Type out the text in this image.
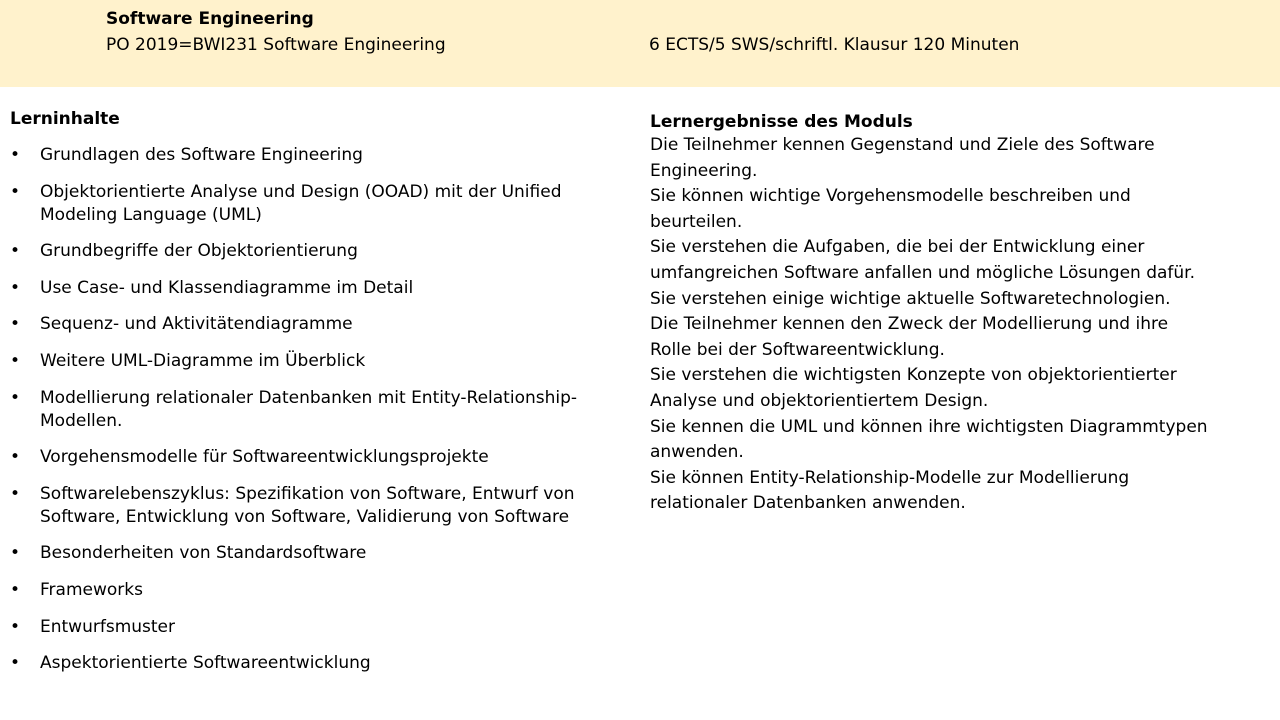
Software Engineering
PO 2019=BWI231 Software Engineering	6 ECTS/5 SWS/schriftl. Klausur 120 Minuten
Lerninhalte
• Grundlagen des Software Engineering
• Objektorientierte Analyse und Design (OOAD) mit der Unified Modeling Language (UML)
• Grundbegriffe der Objektorientierung
• Use Case- und Klassendiagramme im Detail
• Sequenz- und Aktivitätendiagramme
• Weitere UML-Diagramme im Überblick
• Modellierung relationaler Datenbanken mit Entity-Relationship-Modellen.
• Vorgehensmodelle für Softwareentwicklungsprojekte
• Softwarelebenszyklus: Spezifikation von Software, Entwurf von Software, Entwicklung von Software, Validierung von Software
• Besonderheiten von Standardsoftware
• Frameworks
• Entwurfsmuster
• Aspektorientierte Softwareentwicklung
Lernergebnisse des Moduls

Die Teilnehmer kennen Gegenstand und Ziele des Software Engineering.

Sie können wichtige Vorgehensmodelle beschreiben und beurteilen.

Sie verstehen die Aufgaben, die bei der Entwicklung einer umfangreichen Software anfallen und mögliche Lösungen dafür.

Sie verstehen einige wichtige aktuelle Softwaretechnologien.

Die Teilnehmer kennen den Zweck der Modellierung und ihre Rolle bei der Softwareentwicklung.

Sie verstehen die wichtigsten Konzepte von objektorientierter Analyse und objektorientiertem Design.

Sie kennen die UML und können ihre wichtigsten Diagrammtypen anwenden.

Sie können Entity-Relationship-Modelle zur Modellierung relationaler Datenbanken anwenden.
